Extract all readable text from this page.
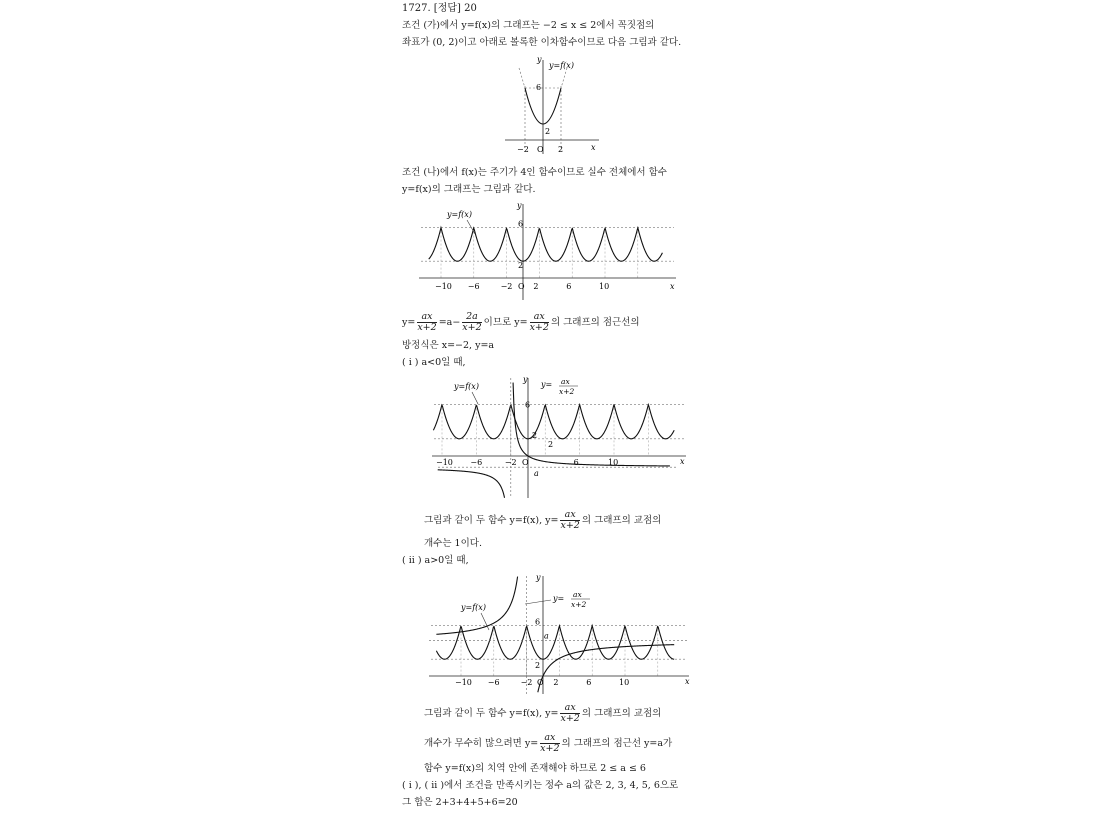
1727. [정답] 20
조건 (가)에서 y=f(x)의 그래프는 −2 ≤ x ≤ 2에서 꼭짓점의
좌표가 (0, 2)이고 아래로 볼록한 이차함수이므로 다음 그림과 같다.
y=f(x)
y
x
O
6
2
−2	2
조건 (나)에서 f(x)는 주기가 4인 함수이므로 실수 전체에서 함수
y=f(x)의 그래프는 그림과 같다.
y=f(x)
y
x
O
6
2
−10 −6	−2	2	6	10
$y= \frac{ax}{x+2} =a- \frac{2a}{x+2}$ 이므로 $y= \frac{ax}{x+2}$ 의 그래프의 점근선의
방정식은 x=−2, y=a
( i ) a<0일 때,
y=f(x)	y= ax
x+2
y
x
O
6
2
2
−10 −6	−2	6	10
a
그림과 같이 두 함수 y=f(x), $y= \frac{ax}{x+2}$ 의 그래프의 교점의
개수는 1이다.
( ii ) a>0일 때,
y=f(x)
y= ax
x+2
y
x
O
6
a
2
−10 −6	−2	2	6	10
그림과 같이 두 함수 y=f(x), $y= \frac{ax}{x+2}$ 의 그래프의 교점의
개수가 무수히 많으려면 $y= \frac{ax}{x+2}$ 의 그래프의 점근선 y=a가
함수 y=f(x)의 치역 안에 존재해야 하므로 2 ≤ a ≤ 6
( i ), ( ii )에서 조건을 만족시키는 정수 a의 값은 2, 3, 4, 5, 6으로
그 합은 2+3+4+5+6=20
